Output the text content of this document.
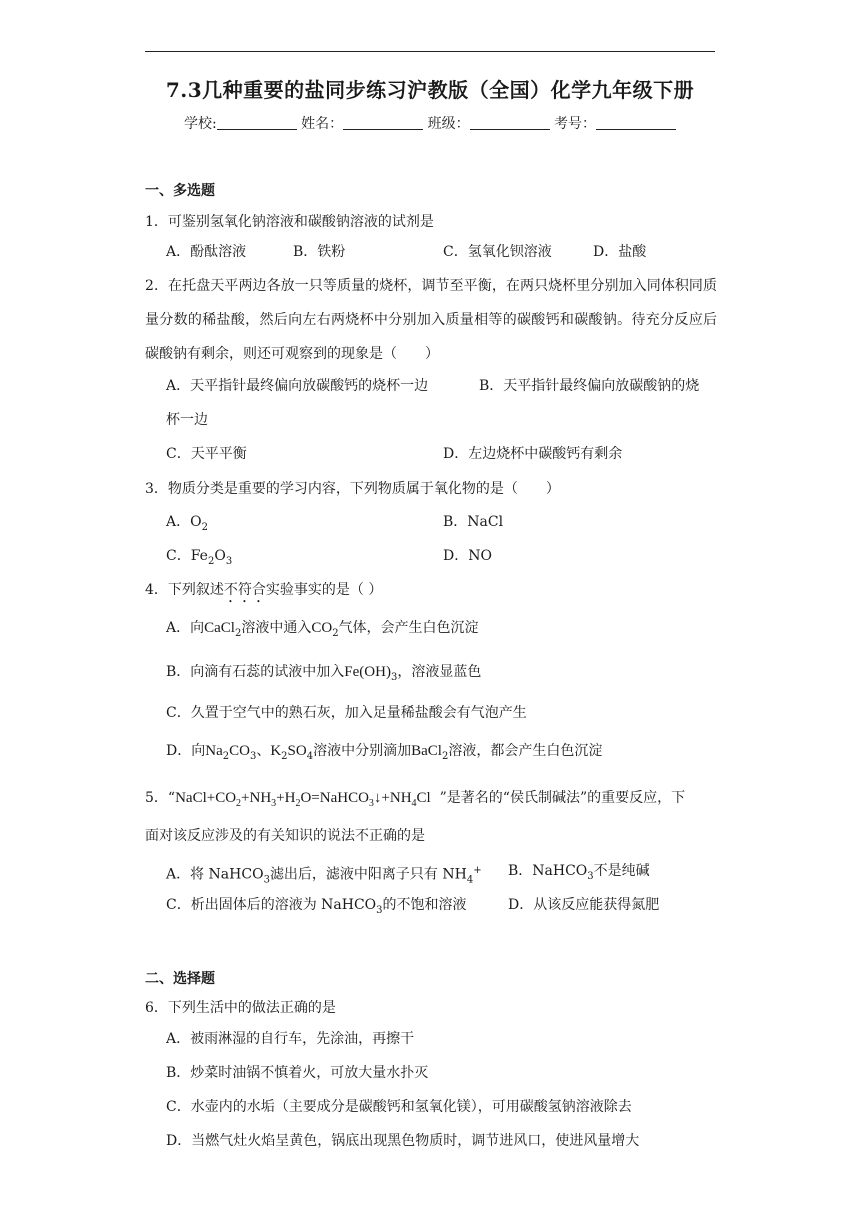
7.3几种重要的盐同步练习沪教版（全国）化学九年级下册
学校:	姓名：	班级：	考号：
一、多选题
1．可鉴别氢氧化钠溶液和碳酸钠溶液的试剂是
A．酚酞溶液	B．铁粉	C．氢氧化钡溶液	D．盐酸
2．在托盘天平两边各放一只等质量的烧杯，调节至平衡，在两只烧杯里分别加入同体积同质量分数的稀盐酸，然后向左右两烧杯中分别加入质量相等的碳酸钙和碳酸钠。待充分反应后碳酸钠有剩余，则还可观察到的现象是（　　）
A．天平指针最终偏向放碳酸钙的烧杯一边	B．天平指针最终偏向放碳酸钠的烧
杯一边
C．天平平衡	D．左边烧杯中碳酸钙有剩余
3．物质分类是重要的学习内容，下列物质属于氧化物的是（　　）
A．$O_2$	B．NaCl
C．$Fe_2O_3$	D．NO
4．下列叙述不符合实验事实的是（ ）
A．向CaCl$_2$溶液中通入$CO_2$气体，会产生白色沉淀
B．向滴有石蕊的试液中加入$Fe(OH)_3$，溶液显蓝色
C．久置于空气中的熟石灰，加入足量稀盐酸会有气泡产生
D．向$Na_2CO_3$、$K_2SO_4$溶液中分别滴加BaCl$_2$溶液，都会产生白色沉淀
5．“$NaCl+CO_2+NH_3+H_2O=NaHCO_3↓+NH_4Cl$ ”是著名的“侯氏制碱法”的重要反应，下
面对该反应涉及的有关知识的说法不正确的是
A．将 NaHCO$_3$滤出后，滤液中阳离子只有 $NH_4^+$ B．NaHCO$_3$不是纯碱
C．析出固体后的溶液为 NaHCO$_3$的不饱和溶液	D．从该反应能获得氮肥
二、选择题
6．下列生活中的做法正确的是
A．被雨淋湿的自行车，先涂油，再擦干
B．炒菜时油锅不慎着火，可放大量水扑灭
C．水壶内的水垢（主要成分是碳酸钙和氢氧化镁），可用碳酸氢钠溶液除去
D．当燃气灶火焰呈黄色，锅底出现黑色物质时，调节进风口，使进风量增大
